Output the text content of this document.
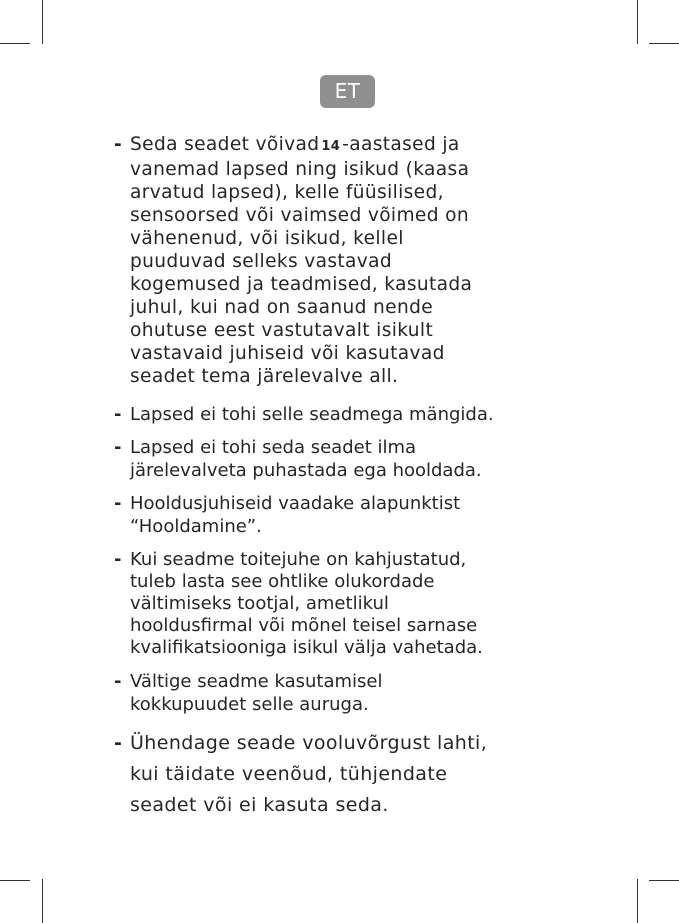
ET
- Seda seadet võivad 14 -aastased ja
vanemad lapsed ning isikud (kaasa
arvatud lapsed), kelle füüsilised,
sensoorsed või vaimsed võimed on
vähenenud, või isikud, kellel
puuduvad selleks vastavad
kogemused ja teadmised, kasutada
juhul, kui nad on saanud nende
ohutuse eest vastutavalt isikult
vastavaid juhiseid või kasutavad
seadet tema järelevalve all.
- Lapsed ei tohi selle seadmega mängida.
- Lapsed ei tohi seda seadet ilma
järelevalveta puhastada ega hooldada.
- Hooldusjuhiseid vaadake alapunktist
“Hooldamine”.
- Kui seadme toitejuhe on kahjustatud,
tuleb lasta see ohtlike olukordade
vältimiseks tootjal, ametlikul
hooldusfirmal või mõnel teisel sarnase
kvalifikatsiooniga isikul välja vahetada.
- Vältige seadme kasutamisel
kokkupuudet selle auruga.
- Ühendage seade vooluvõrgust lahti,
kui täidate veenõud, tühjendate
seadet või ei kasuta seda.
